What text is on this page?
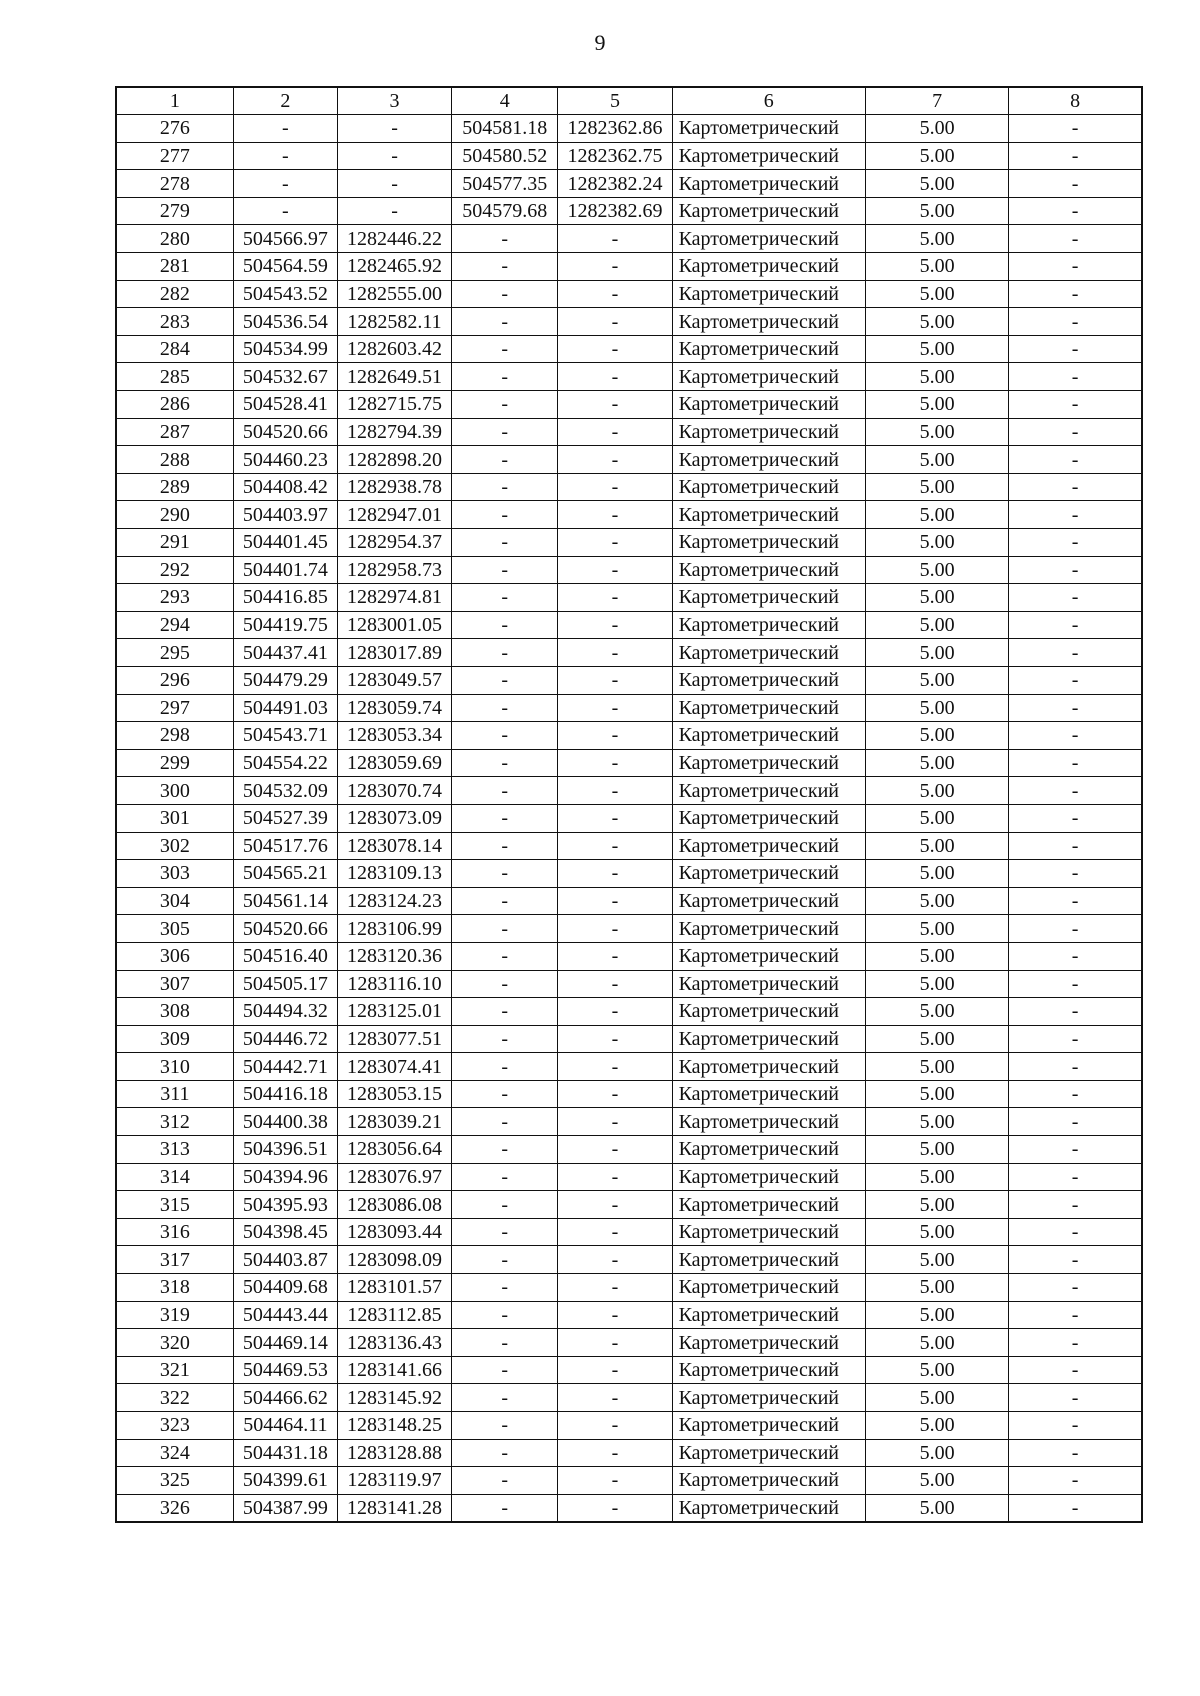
9
1	2	3	4	5	6	7	8
276	-	-	504581.18	1282362.86	Картометрический	5.00	-
277	-	-	504580.52	1282362.75	Картометрический	5.00	-
278	-	-	504577.35	1282382.24	Картометрический	5.00	-
279	-	-	504579.68	1282382.69	Картометрический	5.00	-
280	504566.97	1282446.22	-	-	Картометрический	5.00	-
281	504564.59	1282465.92	-	-	Картометрический	5.00	-
282	504543.52	1282555.00	-	-	Картометрический	5.00	-
283	504536.54	1282582.11	-	-	Картометрический	5.00	-
284	504534.99	1282603.42	-	-	Картометрический	5.00	-
285	504532.67	1282649.51	-	-	Картометрический	5.00	-
286	504528.41	1282715.75	-	-	Картометрический	5.00	-
287	504520.66	1282794.39	-	-	Картометрический	5.00	-
288	504460.23	1282898.20	-	-	Картометрический	5.00	-
289	504408.42	1282938.78	-	-	Картометрический	5.00	-
290	504403.97	1282947.01	-	-	Картометрический	5.00	-
291	504401.45	1282954.37	-	-	Картометрический	5.00	-
292	504401.74	1282958.73	-	-	Картометрический	5.00	-
293	504416.85	1282974.81	-	-	Картометрический	5.00	-
294	504419.75	1283001.05	-	-	Картометрический	5.00	-
295	504437.41	1283017.89	-	-	Картометрический	5.00	-
296	504479.29	1283049.57	-	-	Картометрический	5.00	-
297	504491.03	1283059.74	-	-	Картометрический	5.00	-
298	504543.71	1283053.34	-	-	Картометрический	5.00	-
299	504554.22	1283059.69	-	-	Картометрический	5.00	-
300	504532.09	1283070.74	-	-	Картометрический	5.00	-
301	504527.39	1283073.09	-	-	Картометрический	5.00	-
302	504517.76	1283078.14	-	-	Картометрический	5.00	-
303	504565.21	1283109.13	-	-	Картометрический	5.00	-
304	504561.14	1283124.23	-	-	Картометрический	5.00	-
305	504520.66	1283106.99	-	-	Картометрический	5.00	-
306	504516.40	1283120.36	-	-	Картометрический	5.00	-
307	504505.17	1283116.10	-	-	Картометрический	5.00	-
308	504494.32	1283125.01	-	-	Картометрический	5.00	-
309	504446.72	1283077.51	-	-	Картометрический	5.00	-
310	504442.71	1283074.41	-	-	Картометрический	5.00	-
311	504416.18	1283053.15	-	-	Картометрический	5.00	-
312	504400.38	1283039.21	-	-	Картометрический	5.00	-
313	504396.51	1283056.64	-	-	Картометрический	5.00	-
314	504394.96	1283076.97	-	-	Картометрический	5.00	-
315	504395.93	1283086.08	-	-	Картометрический	5.00	-
316	504398.45	1283093.44	-	-	Картометрический	5.00	-
317	504403.87	1283098.09	-	-	Картометрический	5.00	-
318	504409.68	1283101.57	-	-	Картометрический	5.00	-
319	504443.44	1283112.85	-	-	Картометрический	5.00	-
320	504469.14	1283136.43	-	-	Картометрический	5.00	-
321	504469.53	1283141.66	-	-	Картометрический	5.00	-
322	504466.62	1283145.92	-	-	Картометрический	5.00	-
323	504464.11	1283148.25	-	-	Картометрический	5.00	-
324	504431.18	1283128.88	-	-	Картометрический	5.00	-
325	504399.61	1283119.97	-	-	Картометрический	5.00	-
326	504387.99	1283141.28	-	-	Картометрический	5.00	-
